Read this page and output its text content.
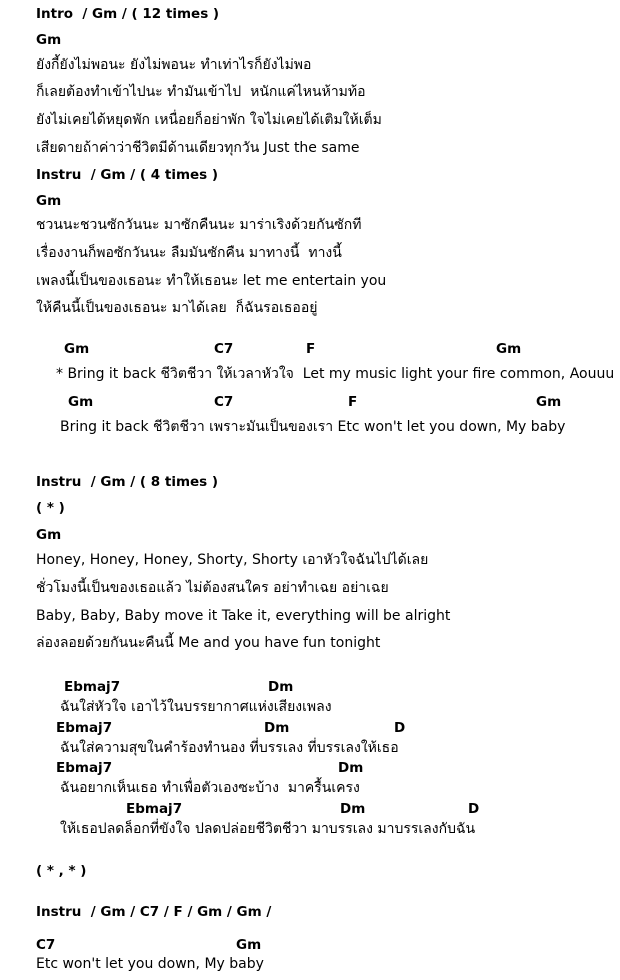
Intro  / Gm / ( 12 times )
Gm
ยังกี้ยังไม่พอนะ ยังไม่พอนะ ทำเท่าไรก็ยังไม่พอ
ก็เลยต้องทำเข้าไปนะ ทำมันเข้าไป  หนักแค่ไหนห้ามท้อ
ยังไม่เคยได้หยุดพัก เหนื่อยก็อย่าพัก ใจไม่เคยได้เติมให้เต็ม
เสียดายถ้าค่าว่าชีวิตมีด้านเดียวทุกวัน Just the same
Instru  / Gm / ( 4 times )
Gm
ชวนนะชวนซักวันนะ มาซักคืนนะ มาร่าเริงด้วยกันซักที
เรื่องงานก็พอซักวันนะ ลืมมันซักคืน มาทางนี้  ทางนี้
เพลงนี้เป็นของเธอนะ ทำให้เธอนะ let me entertain you
ให้คืนนี้เป็นของเธอนะ มาได้เลย  ก็ฉันรอเธออยู่
Gm	C7	F	Gm
* Bring it back ชีวิตชีวา ให้เวลาหัวใจ  Let my music light your fire common, Aouuu
Gm	C7	F	Gm
Bring it back ชีวิตชีวา เพราะมันเป็นของเรา Etc won't let you down, My baby
Instru  / Gm / ( 8 times )
( * )
Gm
Honey, Honey, Honey, Shorty, Shorty เอาหัวใจฉันไปได้เลย
ชั่วโมงนี้เป็นของเธอแล้ว ไม่ต้องสนใคร อย่าทำเฉย อย่าเฉย
Baby, Baby, Baby move it Take it, everything will be alright
ล่องลอยด้วยกันนะคืนนี้ Me and you have fun tonight
Ebmaj7	Dm
ฉันใส่หัวใจ เอาไว้ในบรรยากาศแห่งเสียงเพลง
Ebmaj7	Dm	D
ฉันใส่ความสุขในคำร้องทำนอง ที่บรรเลง ที่บรรเลงให้เธอ
Ebmaj7	Dm
ฉันอยากเห็นเธอ ทำเพื่อตัวเองซะบ้าง  มาครื้นเครง
Ebmaj7	Dm	D
ให้เธอปลดล็อกที่ขังใจ ปลดปล่อยชีวิตชีวา มาบรรเลง มาบรรเลงกับฉัน
( * , * )
Instru  / Gm / C7 / F / Gm / Gm /
C7	Gm
Etc won't let you down, My baby
